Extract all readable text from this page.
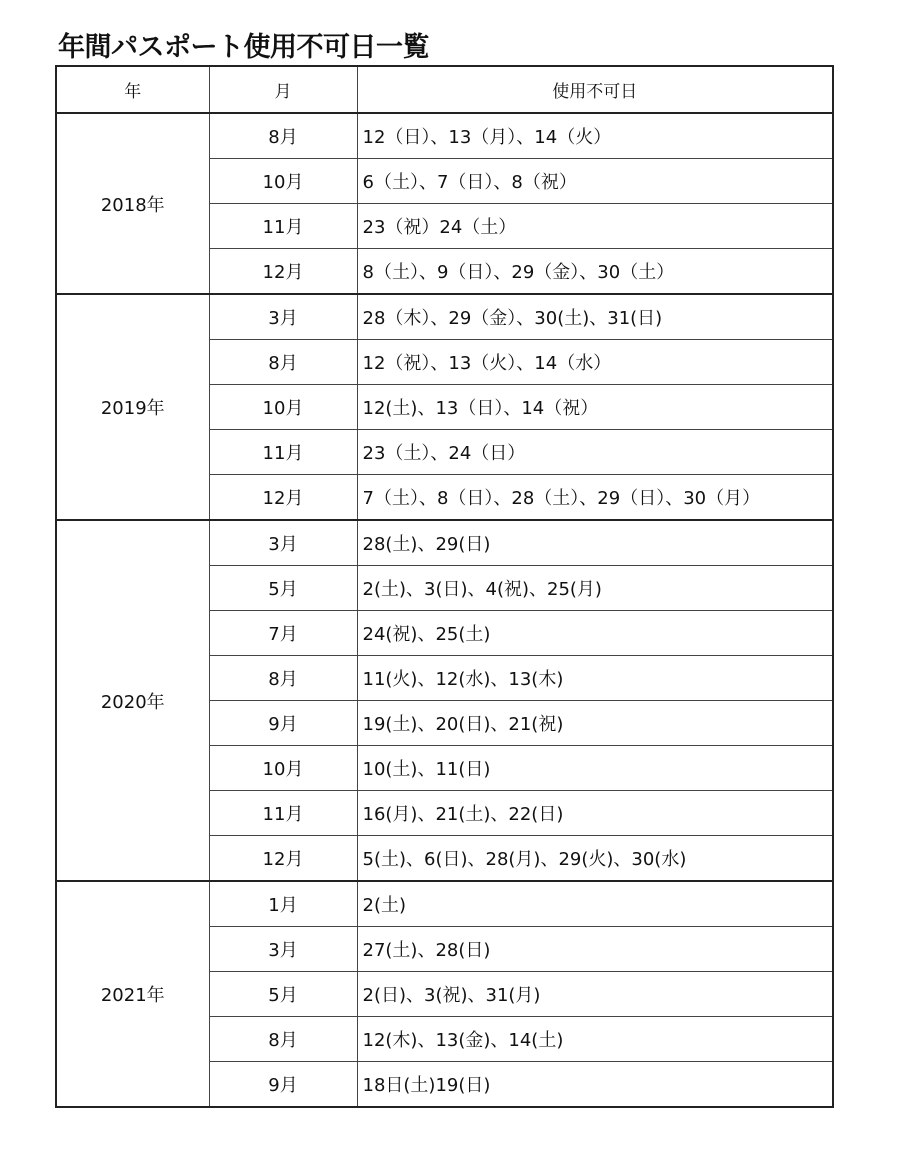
年間パスポート使用不可日一覧
年	月	使用不可日
2018年	8月	12（日）、13（月）、14（火）
	10月	6（土）、7（日）、8（祝）
	11月	23（祝）24（土）
	12月	8（土）、9（日）、29（金）、30（土）
2019年	3月	28（木）、29（金）、30(土)、31(日)
	8月	12（祝）、13（火）、14（水）
	10月	12(土)、13（日）、14（祝）
	11月	23（土）、24（日）
	12月	7（土）、8（日）、28（土）、29（日）、30（月）
2020年	3月	28(土)、29(日)
	5月	2(土)、3(日)、4(祝)、25(月)
	7月	24(祝)、25(土)
	8月	11(火)、12(水)、13(木)
	9月	19(土)、20(日)、21(祝)
	10月	10(土)、11(日)
	11月	16(月)、21(土)、22(日)
	12月	5(土)、6(日)、28(月)、29(火)、30(水)
2021年	1月	2(土)
	3月	27(土)、28(日)
	5月	2(日)、3(祝)、31(月)
	8月	12(木)、13(金)、14(土)
	9月	18日(土)19(日)
